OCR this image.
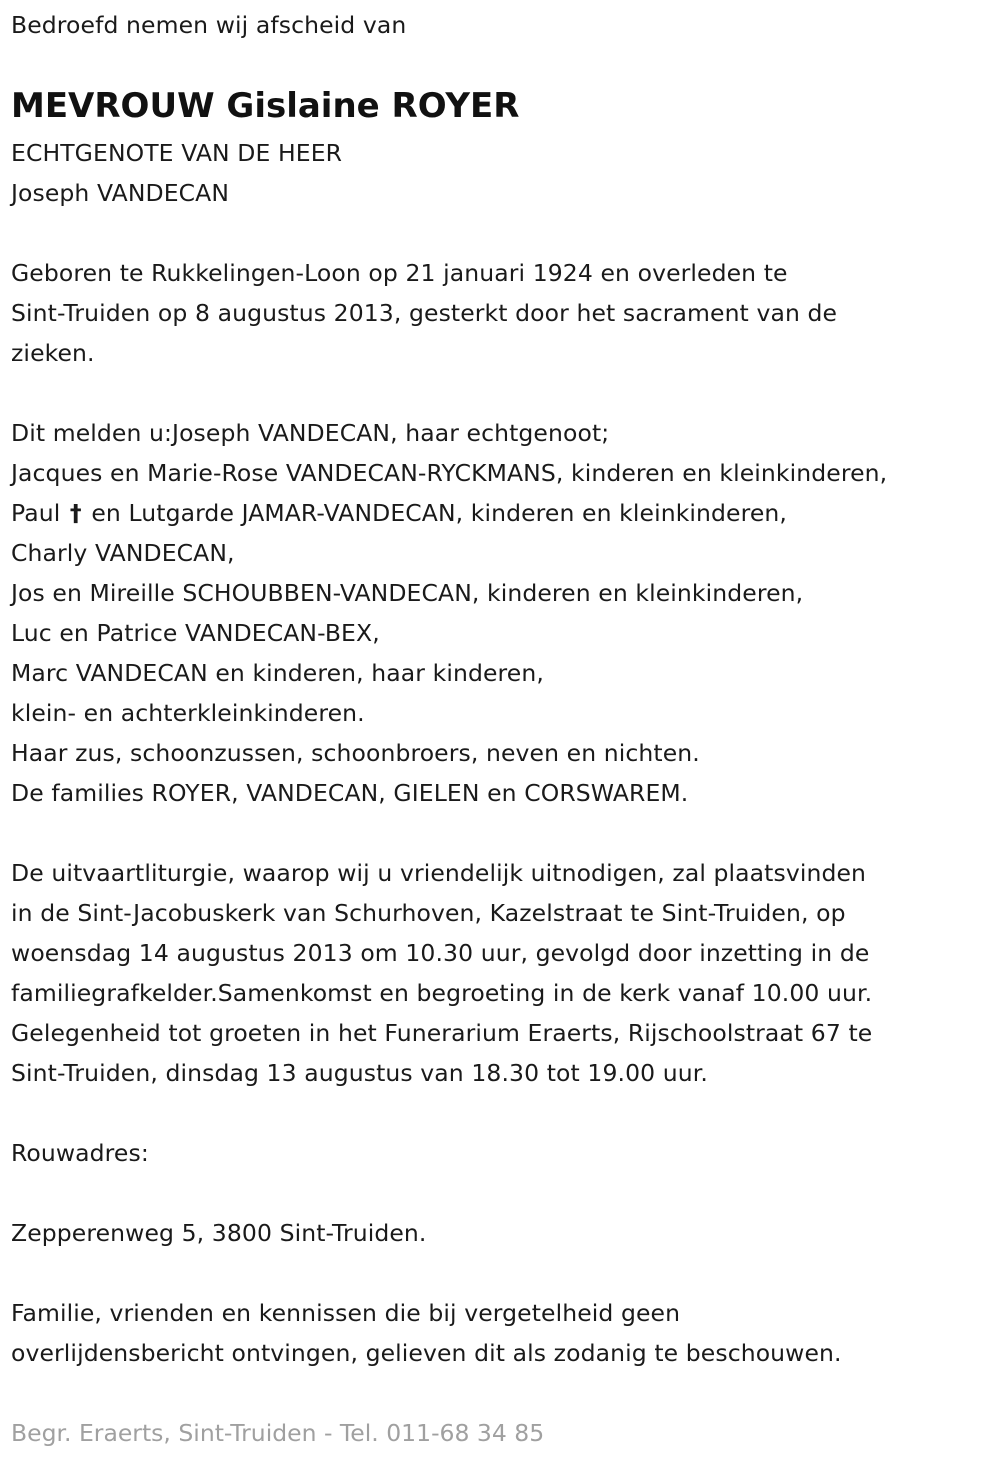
Bedroefd nemen wij afscheid van
MEVROUW Gislaine ROYER
ECHTGENOTE VAN DE HEER
Joseph VANDECAN
Geboren te Rukkelingen-Loon op 21 januari 1924 en overleden te
Sint-Truiden op 8 augustus 2013, gesterkt door het sacrament van de
zieken.
Dit melden u:Joseph VANDECAN, haar echtgenoot;
Jacques en Marie-Rose VANDECAN-RYCKMANS, kinderen en kleinkinderen,
Paul † en Lutgarde JAMAR-VANDECAN, kinderen en kleinkinderen,
Charly VANDECAN,
Jos en Mireille SCHOUBBEN-VANDECAN, kinderen en kleinkinderen,
Luc en Patrice VANDECAN-BEX,
Marc VANDECAN en kinderen, haar kinderen,
klein- en achterkleinkinderen.
Haar zus, schoonzussen, schoonbroers, neven en nichten.
De families ROYER, VANDECAN, GIELEN en CORSWAREM.
De uitvaartliturgie, waarop wij u vriendelijk uitnodigen, zal plaatsvinden
in de Sint-Jacobuskerk van Schurhoven, Kazelstraat te Sint-Truiden, op
woensdag 14 augustus 2013 om 10.30 uur, gevolgd door inzetting in de
familiegrafkelder.Samenkomst en begroeting in de kerk vanaf 10.00 uur.
Gelegenheid tot groeten in het Funerarium Eraerts, Rijschoolstraat 67 te
Sint-Truiden, dinsdag 13 augustus van 18.30 tot 19.00 uur.
Rouwadres:
Zepperenweg 5, 3800 Sint-Truiden.
Familie, vrienden en kennissen die bij vergetelheid geen
overlijdensbericht ontvingen, gelieven dit als zodanig te beschouwen.
Begr. Eraerts, Sint-Truiden - Tel. 011-68 34 85
